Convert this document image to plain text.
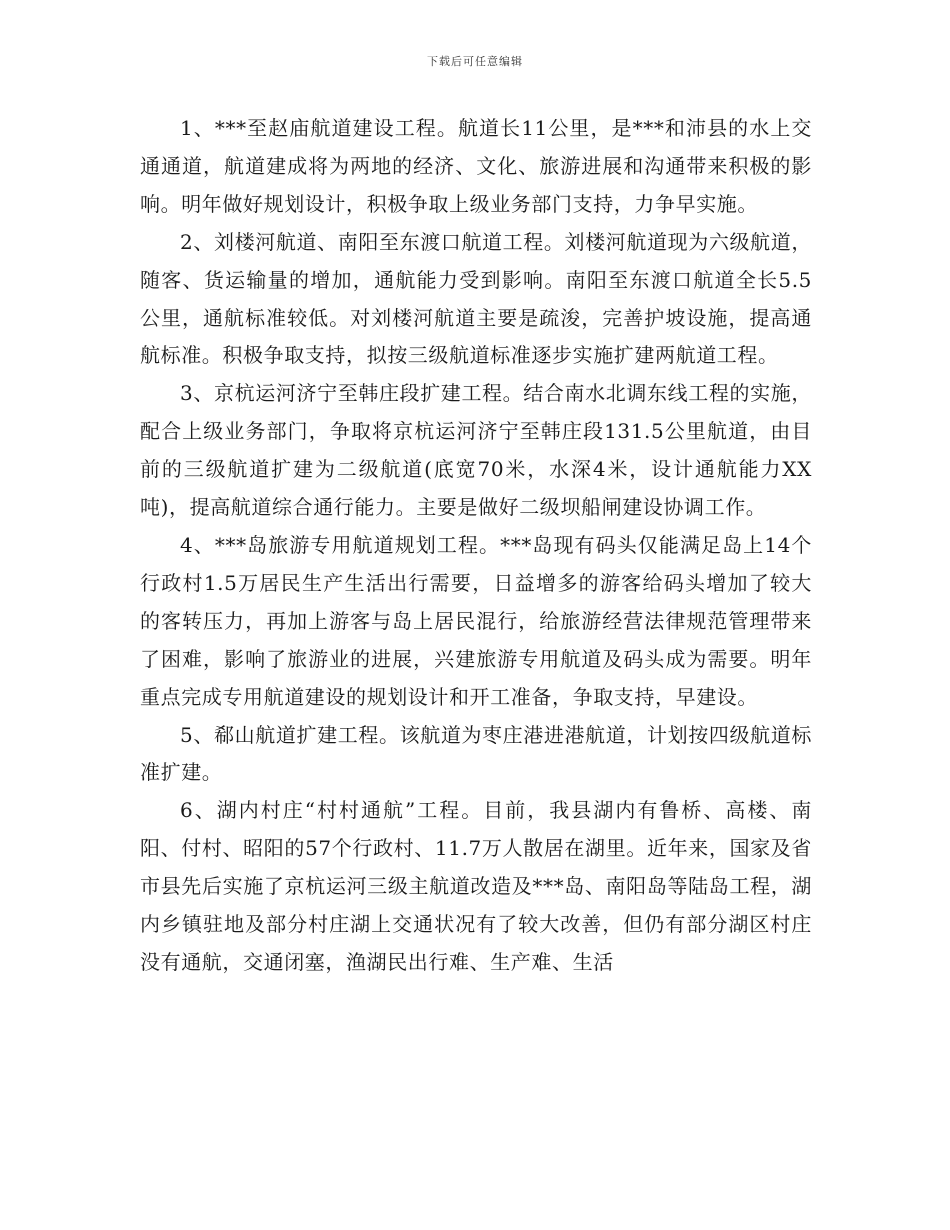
下载后可任意编辑

1、***至赵庙航道建设工程。航道长11公里，是***和沛县的水上交通通道，航道建成将为两地的经济、文化、旅游进展和沟通带来积极的影响。明年做好规划设计，积极争取上级业务部门支持，力争早实施。

2、刘楼河航道、南阳至东渡口航道工程。刘楼河航道现为六级航道，随客、货运输量的增加，通航能力受到影响。南阳至东渡口航道全长5.5公里，通航标准较低。对刘楼河航道主要是疏浚，完善护坡设施，提高通航标准。积极争取支持，拟按三级航道标准逐步实施扩建两航道工程。

3、京杭运河济宁至韩庄段扩建工程。结合南水北调东线工程的实施，配合上级业务部门，争取将京杭运河济宁至韩庄段131.5公里航道，由目前的三级航道扩建为二级航道(底宽70米，水深4米，设计通航能力XX吨)，提高航道综合通行能力。主要是做好二级坝船闸建设协调工作。

4、***岛旅游专用航道规划工程。***岛现有码头仅能满足岛上14个行政村1.5万居民生产生活出行需要，日益增多的游客给码头增加了较大的客转压力，再加上游客与岛上居民混行，给旅游经营法律规范管理带来了困难，影响了旅游业的进展，兴建旅游专用航道及码头成为需要。明年重点完成专用航道建设的规划设计和开工准备，争取支持，早建设。

5、郗山航道扩建工程。该航道为枣庄港进港航道，计划按四级航道标准扩建。

6、湖内村庄“村村通航”工程。目前，我县湖内有鲁桥、高楼、南阳、付村、昭阳的57个行政村、11.7万人散居在湖里。近年来，国家及省市县先后实施了京杭运河三级主航道改造及***岛、南阳岛等陆岛工程，湖内乡镇驻地及部分村庄湖上交通状况有了较大改善，但仍有部分湖区村庄没有通航，交通闭塞，渔湖民出行难、生产难、生活
